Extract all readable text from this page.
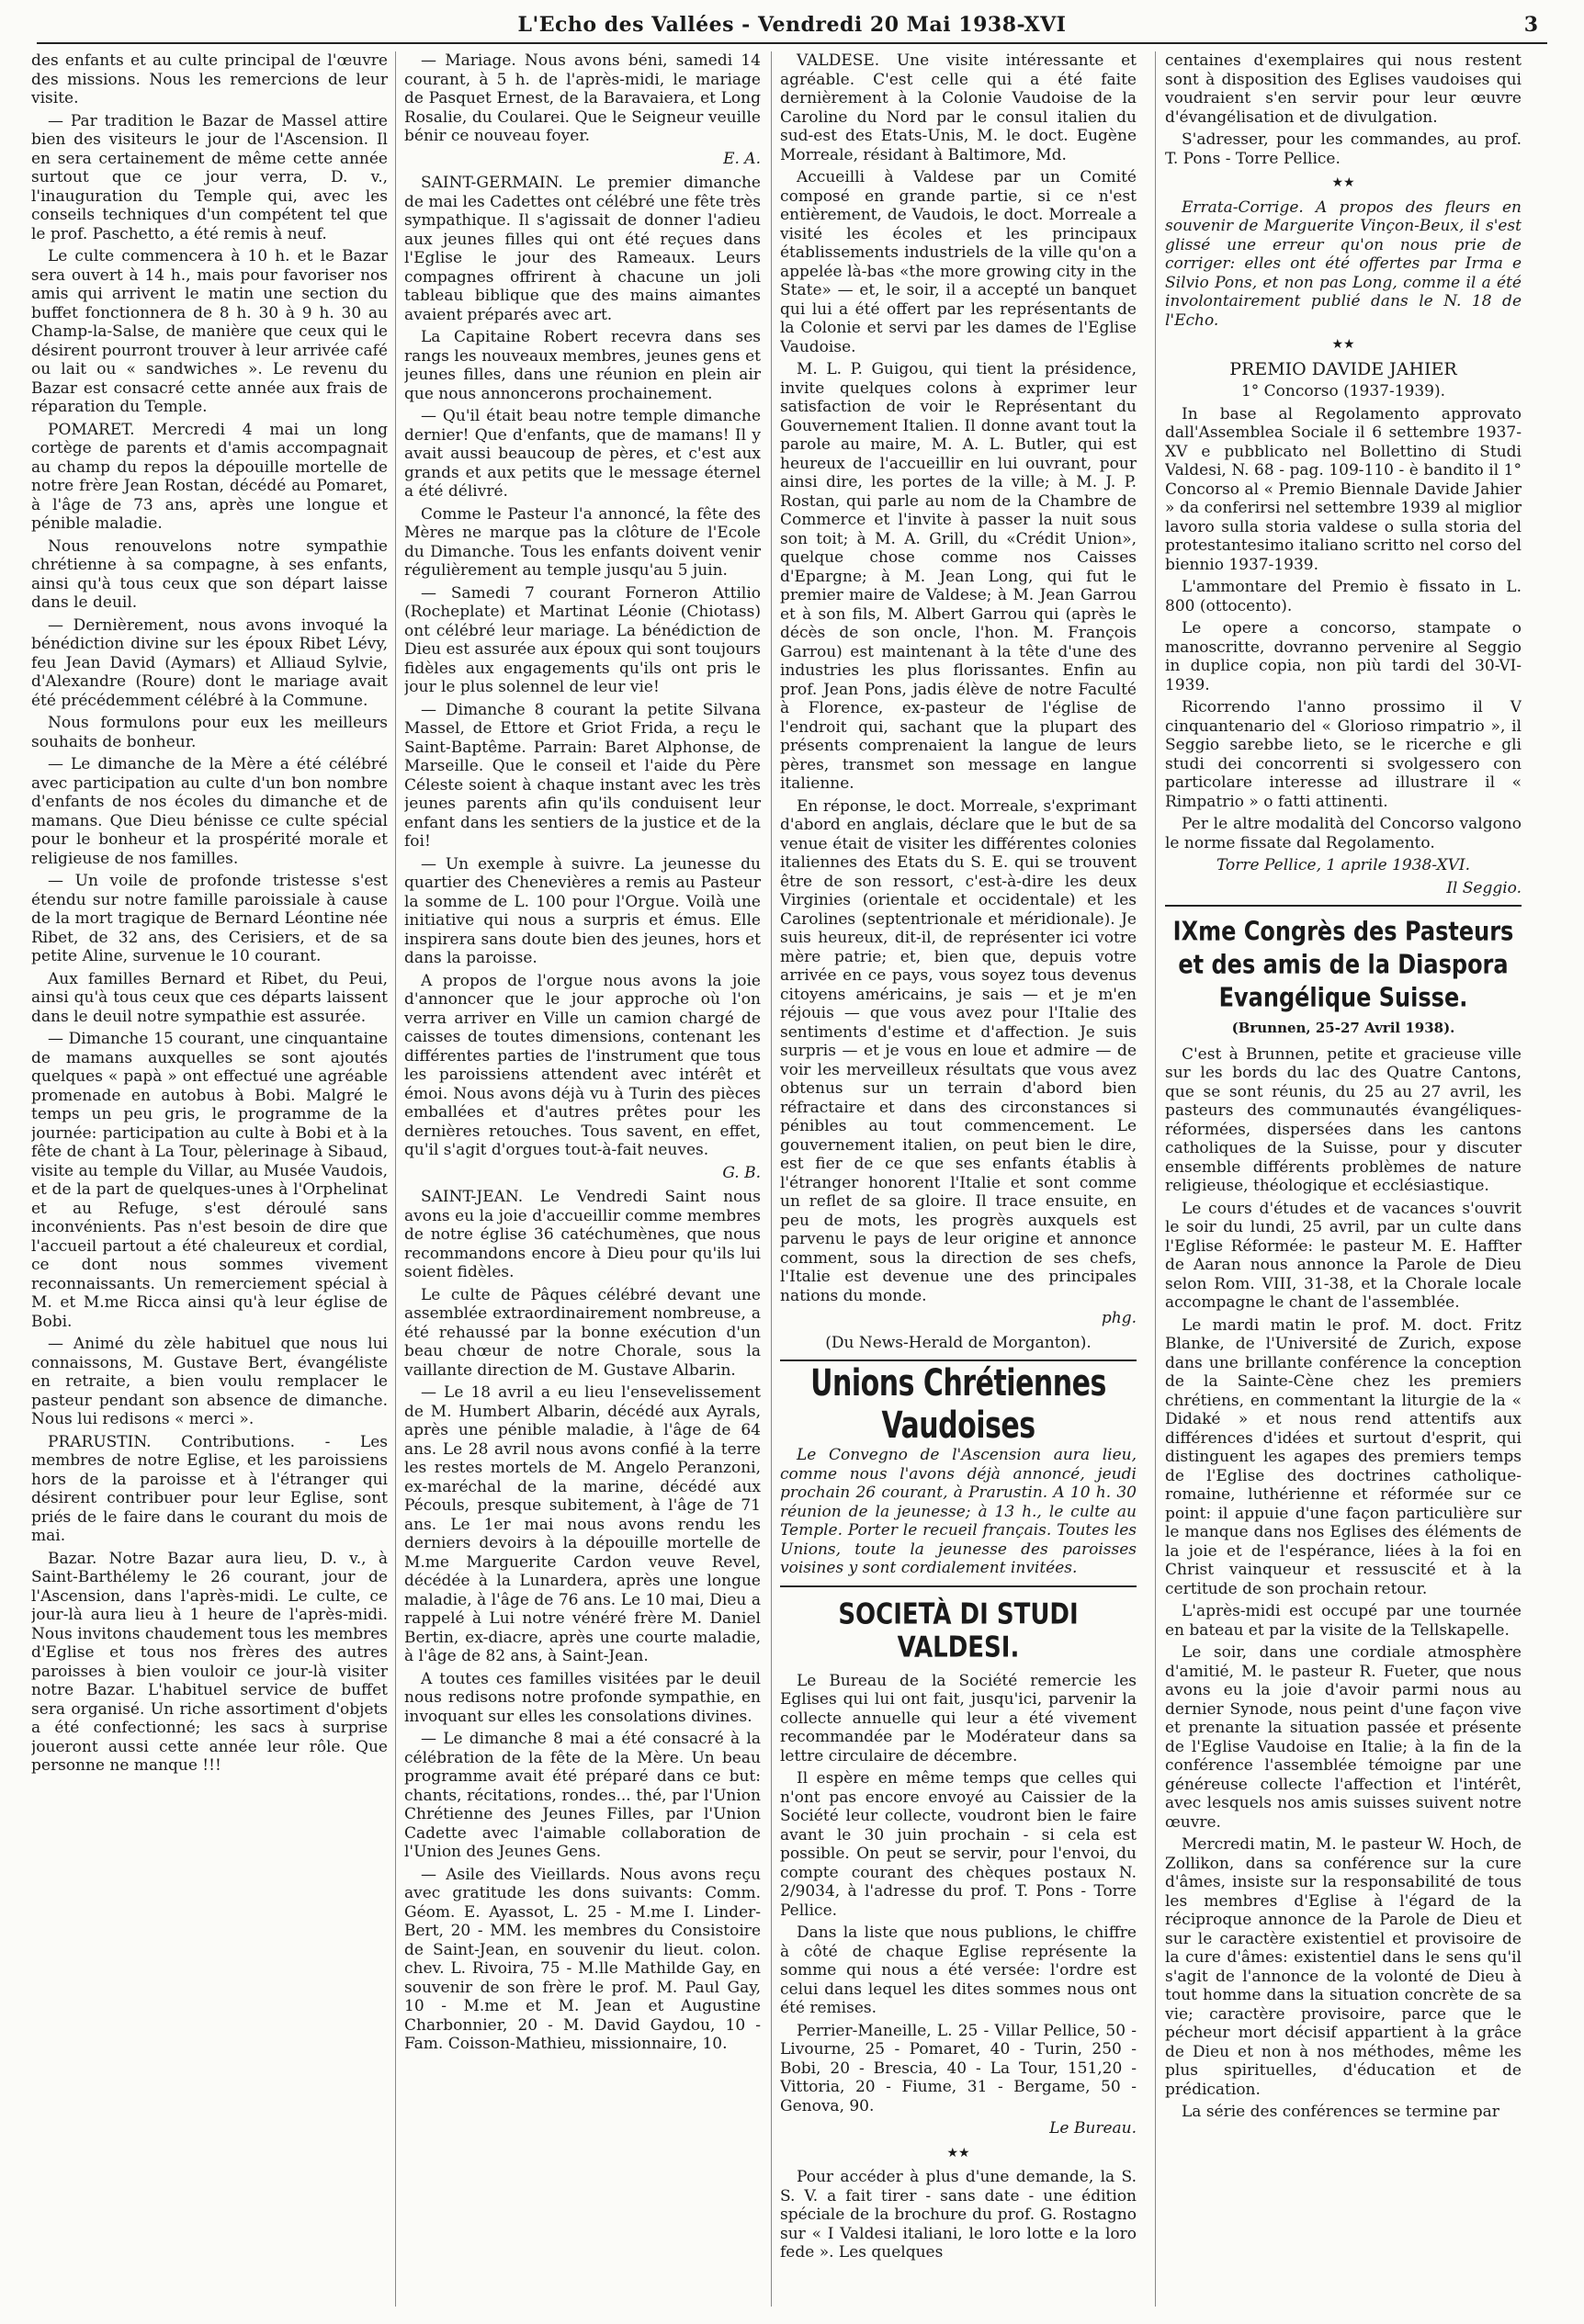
L'Echo des Vallées - Vendredi 20 Mai 1938-XVI	3

des enfants et au culte principal de l'œuvre des missions. Nous les remercions de leur visite.

— Par tradition le Bazar de Massel attire bien des visiteurs le jour de l'Ascension. Il en sera certainement de même cette année surtout que ce jour verra, D. v., l'inauguration du Temple qui, avec les conseils techniques d'un compétent tel que le prof. Paschetto, a été remis à neuf.

Le culte commencera à 10 h. et le Bazar sera ouvert à 14 h., mais pour favoriser nos amis qui arrivent le matin une section du buffet fonctionnera de 8 h. 30 à 9 h. 30 au Champ-la-Salse, de manière que ceux qui le désirent pourront trouver à leur arrivée café ou lait ou « sandwiches ». Le revenu du Bazar est consacré cette année aux frais de réparation du Temple.

POMARET. Mercredi 4 mai un long cortège de parents et d'amis accompagnait au champ du repos la dépouille mortelle de notre frère Jean Rostan, décédé au Pomaret, à l'âge de 73 ans, après une longue et pénible maladie.

Nous renouvelons notre sympathie chrétienne à sa compagne, à ses enfants, ainsi qu'à tous ceux que son départ laisse dans le deuil.

— Dernièrement, nous avons invoqué la bénédiction divine sur les époux Ribet Lévy, feu Jean David (Aymars) et Alliaud Sylvie, d'Alexandre (Roure) dont le mariage avait été précédemment célébré à la Commune.

Nous formulons pour eux les meilleurs souhaits de bonheur.

— Le dimanche de la Mère a été célébré avec participation au culte d'un bon nombre d'enfants de nos écoles du dimanche et de mamans. Que Dieu bénisse ce culte spécial pour le bonheur et la prospérité morale et religieuse de nos familles.

— Un voile de profonde tristesse s'est étendu sur notre famille paroissiale à cause de la mort tragique de Bernard Léontine née Ribet, de 32 ans, des Cerisiers, et de sa petite Aline, survenue le 10 courant.

Aux familles Bernard et Ribet, du Peui, ainsi qu'à tous ceux que ces départs laissent dans le deuil notre sympathie est assurée.

— Dimanche 15 courant, une cinquantaine de mamans auxquelles se sont ajoutés quelques « papà » ont effectué une agréable promenade en autobus à Bobi. Malgré le temps un peu gris, le programme de la journée: participation au culte à Bobi et à la fête de chant à La Tour, pèlerinage à Sibaud, visite au temple du Villar, au Musée Vaudois, et de la part de quelques-unes à l'Orphelinat et au Refuge, s'est déroulé sans inconvénients. Pas n'est besoin de dire que l'accueil partout a été chaleureux et cordial, ce dont nous sommes vivement reconnaissants. Un remerciement spécial à M. et M.me Ricca ainsi qu'à leur église de Bobi.

— Animé du zèle habituel que nous lui connaissons, M. Gustave Bert, évangéliste en retraite, a bien voulu remplacer le pasteur pendant son absence de dimanche. Nous lui redisons « merci ».

PRARUSTIN. Contributions. - Les membres de notre Eglise, et les paroissiens hors de la paroisse et à l'étranger qui désirent contribuer pour leur Eglise, sont priés de le faire dans le courant du mois de mai.

Bazar. Notre Bazar aura lieu, D. v., à Saint-Barthélemy le 26 courant, jour de l'Ascension, dans l'après-midi. Le culte, ce jour-là aura lieu à 1 heure de l'après-midi. Nous invitons chaudement tous les membres d'Eglise et tous nos frères des autres paroisses à bien vouloir ce jour-là visiter notre Bazar. L'habituel service de buffet sera organisé. Un riche assortiment d'objets a été confectionné; les sacs à surprise joueront aussi cette année leur rôle. Que personne ne manque !!!

— Mariage. Nous avons béni, samedi 14 courant, à 5 h. de l'après-midi, le mariage de Pasquet Ernest, de la Baravaiera, et Long Rosalie, du Coularei. Que le Seigneur veuille bénir ce nouveau foyer.

E. A.

SAINT-GERMAIN. Le premier dimanche de mai les Cadettes ont célébré une fête très sympathique. Il s'agissait de donner l'adieu aux jeunes filles qui ont été reçues dans l'Eglise le jour des Rameaux. Leurs compagnes offrirent à chacune un joli tableau biblique que des mains aimantes avaient préparés avec art.

La Capitaine Robert recevra dans ses rangs les nouveaux membres, jeunes gens et jeunes filles, dans une réunion en plein air que nous annoncerons prochainement.

— Qu'il était beau notre temple dimanche dernier! Que d'enfants, que de mamans! Il y avait aussi beaucoup de pères, et c'est aux grands et aux petits que le message éternel a été délivré.

Comme le Pasteur l'a annoncé, la fête des Mères ne marque pas la clôture de l'Ecole du Dimanche. Tous les enfants doivent venir régulièrement au temple jusqu'au 5 juin.

— Samedi 7 courant Forneron Attilio (Rocheplate) et Martinat Léonie (Chiotass) ont célébré leur mariage. La bénédiction de Dieu est assurée aux époux qui sont toujours fidèles aux engagements qu'ils ont pris le jour le plus solennel de leur vie!

— Dimanche 8 courant la petite Silvana Massel, de Ettore et Griot Frida, a reçu le Saint-Baptême. Parrain: Baret Alphonse, de Marseille. Que le conseil et l'aide du Père Céleste soient à chaque instant avec les très jeunes parents afin qu'ils conduisent leur enfant dans les sentiers de la justice et de la foi!

— Un exemple à suivre. La jeunesse du quartier des Chenevières a remis au Pasteur la somme de L. 100 pour l'Orgue. Voilà une initiative qui nous a surpris et émus. Elle inspirera sans doute bien des jeunes, hors et dans la paroisse.

A propos de l'orgue nous avons la joie d'annoncer que le jour approche où l'on verra arriver en Ville un camion chargé de caisses de toutes dimensions, contenant les différentes parties de l'instrument que tous les paroissiens attendent avec intérêt et émoi. Nous avons déjà vu à Turin des pièces emballées et d'autres prêtes pour les dernières retouches. Tous savent, en effet, qu'il s'agit d'orgues tout-à-fait neuves.

G. B.

SAINT-JEAN. Le Vendredi Saint nous avons eu la joie d'accueillir comme membres de notre église 36 catéchumènes, que nous recommandons encore à Dieu pour qu'ils lui soient fidèles.

Le culte de Pâques célébré devant une assemblée extraordinairement nombreuse, a été rehaussé par la bonne exécution d'un beau chœur de notre Chorale, sous la vaillante direction de M. Gustave Albarin.

— Le 18 avril a eu lieu l'ensevelissement de M. Humbert Albarin, décédé aux Ayrals, après une pénible maladie, à l'âge de 64 ans. Le 28 avril nous avons confié à la terre les restes mortels de M. Angelo Peranzoni, ex-maréchal de la marine, décédé aux Pécouls, presque subitement, à l'âge de 71 ans. Le 1er mai nous avons rendu les derniers devoirs à la dépouille mortelle de M.me Marguerite Cardon veuve Revel, décédée à la Lunardera, après une longue maladie, à l'âge de 76 ans. Le 10 mai, Dieu a rappelé à Lui notre vénéré frère M. Daniel Bertin, ex-diacre, après une courte maladie, à l'âge de 82 ans, à Saint-Jean.

A toutes ces familles visitées par le deuil nous redisons notre profonde sympathie, en invoquant sur elles les consolations divines.

— Le dimanche 8 mai a été consacré à la célébration de la fête de la Mère. Un beau programme avait été préparé dans ce but: chants, récitations, rondes... thé, par l'Union Chrétienne des Jeunes Filles, par l'Union Cadette avec l'aimable collaboration de l'Union des Jeunes Gens.

— Asile des Vieillards. Nous avons reçu avec gratitude les dons suivants: Comm. Géom. E. Ayassot, L. 25 - M.me I. Linder-Bert, 20 - MM. les membres du Consistoire de Saint-Jean, en souvenir du lieut. colon. chev. L. Rivoira, 75 - M.lle Mathilde Gay, en souvenir de son frère le prof. M. Paul Gay, 10 - M.me et M. Jean et Augustine Charbonnier, 20 - M. David Gaydou, 10 - Fam. Coisson-Mathieu, missionnaire, 10.

VALDESE. Une visite intéressante et agréable. C'est celle qui a été faite dernièrement à la Colonie Vaudoise de la Caroline du Nord par le consul italien du sud-est des Etats-Unis, M. le doct. Eugène Morreale, résidant à Baltimore, Md.

Accueilli à Valdese par un Comité composé en grande partie, si ce n'est entièrement, de Vaudois, le doct. Morreale a visité les écoles et les principaux établissements industriels de la ville qu'on a appelée là-bas «the more growing city in the State» — et, le soir, il a accepté un banquet qui lui a été offert par les représentants de la Colonie et servi par les dames de l'Eglise Vaudoise.

M. L. P. Guigou, qui tient la présidence, invite quelques colons à exprimer leur satisfaction de voir le Représentant du Gouvernement Italien. Il donne avant tout la parole au maire, M. A. L. Butler, qui est heureux de l'accueillir en lui ouvrant, pour ainsi dire, les portes de la ville; à M. J. P. Rostan, qui parle au nom de la Chambre de Commerce et l'invite à passer la nuit sous son toit; à M. A. Grill, du «Crédit Union», quelque chose comme nos Caisses d'Epargne; à M. Jean Long, qui fut le premier maire de Valdese; à M. Jean Garrou et à son fils, M. Albert Garrou qui (après le décès de son oncle, l'hon. M. François Garrou) est maintenant à la tête d'une des industries les plus florissantes. Enfin au prof. Jean Pons, jadis élève de notre Faculté à Florence, ex-pasteur de l'église de l'endroit qui, sachant que la plupart des présents comprenaient la langue de leurs pères, transmet son message en langue italienne.

En réponse, le doct. Morreale, s'exprimant d'abord en anglais, déclare que le but de sa venue était de visiter les différentes colonies italiennes des Etats du S. E. qui se trouvent être de son ressort, c'est-à-dire les deux Virginies (orientale et occidentale) et les Carolines (septentrionale et méridionale). Je suis heureux, dit-il, de représenter ici votre mère patrie; et, bien que, depuis votre arrivée en ce pays, vous soyez tous devenus citoyens américains, je sais — et je m'en réjouis — que vous avez pour l'Italie des sentiments d'estime et d'affection. Je suis surpris — et je vous en loue et admire — de voir les merveilleux résultats que vous avez obtenus sur un terrain d'abord bien réfractaire et dans des circonstances si pénibles au tout commencement. Le gouvernement italien, on peut bien le dire, est fier de ce que ses enfants établis à l'étranger honorent l'Italie et sont comme un reflet de sa gloire. Il trace ensuite, en peu de mots, les progrès auxquels est parvenu le pays de leur origine et annonce comment, sous la direction de ses chefs, l'Italie est devenue une des principales nations du monde.

phg.

(Du News-Herald de Morganton).

Unions Chrétiennes Vaudoises

Le Convegno de l'Ascension aura lieu, comme nous l'avons déjà annoncé, jeudi prochain 26 courant, à Prarustin. A 10 h. 30 réunion de la jeunesse; à 13 h., le culte au Temple. Porter le recueil français. Toutes les Unions, toute la jeunesse des paroisses voisines y sont cordialement invitées.

SOCIETÀ DI STUDI VALDESI.

Le Bureau de la Société remercie les Eglises qui lui ont fait, jusqu'ici, parvenir la collecte annuelle qui leur a été vivement recommandée par le Modérateur dans sa lettre circulaire de décembre.

Il espère en même temps que celles qui n'ont pas encore envoyé au Caissier de la Société leur collecte, voudront bien le faire avant le 30 juin prochain - si cela est possible. On peut se servir, pour l'envoi, du compte courant des chèques postaux N. 2/9034, à l'adresse du prof. T. Pons - Torre Pellice.

Dans la liste que nous publions, le chiffre à côté de chaque Eglise représente la somme qui nous a été versée: l'ordre est celui dans lequel les dites sommes nous ont été remises.

Perrier-Maneille, L. 25 - Villar Pellice, 50 - Livourne, 25 - Pomaret, 40 - Turin, 250 - Bobi, 20 - Brescia, 40 - La Tour, 151,20 - Vittoria, 20 - Fiume, 31 - Bergame, 50 - Genova, 90.

Le Bureau.
★★

Pour accéder à plus d'une demande, la S. S. V. a fait tirer - sans date - une édition spéciale de la brochure du prof. G. Rostagno sur « I Valdesi italiani, le loro lotte e la loro fede ». Les quelques

centaines d'exemplaires qui nous restent sont à disposition des Eglises vaudoises qui voudraient s'en servir pour leur œuvre d'évangélisation et de divulgation.

S'adresser, pour les commandes, au prof. T. Pons - Torre Pellice.

★★

Errata-Corrige. A propos des fleurs en souvenir de Marguerite Vinçon-Beux, il s'est glissé une erreur qu'on nous prie de corriger: elles ont été offertes par Irma e Silvio Pons, et non pas Long, comme il a été involontairement publié dans le N. 18 de l'Echo.

★★

PREMIO DAVIDE JAHIER

1° Concorso (1937-1939).

In base al Regolamento approvato dall'Assemblea Sociale il 6 settembre 1937-XV e pubblicato nel Bollettino di Studi Valdesi, N. 68 - pag. 109-110 - è bandito il 1° Concorso al « Premio Biennale Davide Jahier » da conferirsi nel settembre 1939 al miglior lavoro sulla storia valdese o sulla storia del protestantesimo italiano scritto nel corso del biennio 1937-1939.

L'ammontare del Premio è fissato in L. 800 (ottocento).

Le opere a concorso, stampate o manoscritte, dovranno pervenire al Seggio in duplice copia, non più tardi del 30-VI-1939.

Ricorrendo l'anno prossimo il V cinquantenario del « Glorioso rimpatrio », il Seggio sarebbe lieto, se le ricerche e gli studi dei concorrenti si svolgessero con particolare interesse ad illustrare il « Rimpatrio » o fatti attinenti.

Per le altre modalità del Concorso valgono le norme fissate dal Regolamento.

Torre Pellice, 1 aprile 1938-XVI.

Il Seggio.
IXme Congrès des Pasteurs et des amis de la Diaspora Evangélique Suisse.
(Brunnen, 25-27 Avril 1938).

C'est à Brunnen, petite et gracieuse ville sur les bords du lac des Quatre Cantons, que se sont réunis, du 25 au 27 avril, les pasteurs des communautés évangéliques-réformées, dispersées dans les cantons catholiques de la Suisse, pour y discuter ensemble différents problèmes de nature religieuse, théologique et ecclésiastique.

Le cours d'études et de vacances s'ouvrit le soir du lundi, 25 avril, par un culte dans l'Eglise Réformée: le pasteur M. E. Haffter de Aaran nous annonce la Parole de Dieu selon Rom. VIII, 31-38, et la Chorale locale accompagne le chant de l'assemblée.

Le mardi matin le prof. M. doct. Fritz Blanke, de l'Université de Zurich, expose dans une brillante conférence la conception de la Sainte-Cène chez les premiers chrétiens, en commentant la liturgie de la « Didaké » et nous rend attentifs aux différences d'idées et surtout d'esprit, qui distinguent les agapes des premiers temps de l'Eglise des doctrines catholique-romaine, luthérienne et réformée sur ce point: il appuie d'une façon particulière sur le manque dans nos Eglises des éléments de la joie et de l'espérance, liées à la foi en Christ vainqueur et ressuscité et à la certitude de son prochain retour.

L'après-midi est occupé par une tournée en bateau et par la visite de la Tellskapelle.

Le soir, dans une cordiale atmosphère d'amitié, M. le pasteur R. Fueter, que nous avons eu la joie d'avoir parmi nous au dernier Synode, nous peint d'une façon vive et prenante la situation passée et présente de l'Eglise Vaudoise en Italie; à la fin de la conférence l'assemblée témoigne par une généreuse collecte l'affection et l'intérêt, avec lesquels nos amis suisses suivent notre œuvre.

Mercredi matin, M. le pasteur W. Hoch, de Zollikon, dans sa conférence sur la cure d'âmes, insiste sur la responsabilité de tous les membres d'Eglise à l'égard de la réciproque annonce de la Parole de Dieu et sur le caractère existentiel et provisoire de la cure d'âmes: existentiel dans le sens qu'il s'agit de l'annonce de la volonté de Dieu à tout homme dans la situation concrète de sa vie; caractère provisoire, parce que le pécheur mort décisif appartient à la grâce de Dieu et non à nos méthodes, même les plus spirituelles, d'éducation et de prédication.

La série des conférences se termine par
